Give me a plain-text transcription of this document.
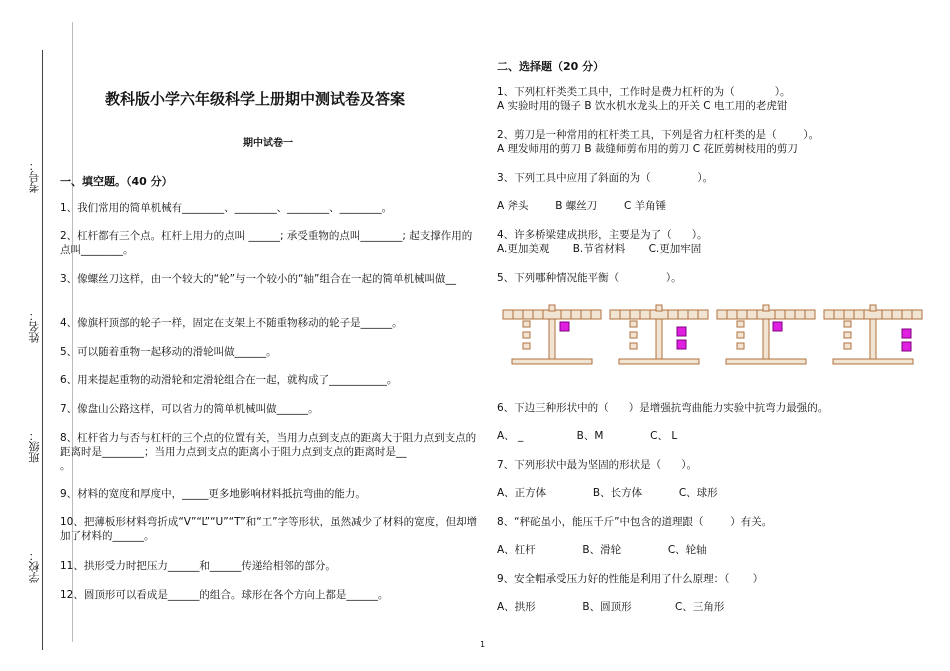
考号：
姓名：
班级：
学校：
教科版小学六年级科学上册期中测试卷及答案
期中试卷一
一、填空题。（40 分）
1、我们常用的简单机械有________、________、________、________。
2、杠杆都有三个点。杠杆上用力的点叫 ______; 承受重物的点叫________; 起支撑作用的点叫________。
3、像螺丝刀这样，由一个较大的“轮”与一个较小的“轴”组合在一起的简单机械叫做__
4、像旗杆顶部的轮子一样，固定在支架上不随重物移动的轮子是______。
5、可以随着重物一起移动的滑轮叫做______。
6、用来提起重物的动滑轮和定滑轮组合在一起，就构成了___________。
7、像盘山公路这样，可以省力的简单机械叫做______。
8、杠杆省力与否与杠杆的三个点的位置有关，当用力点到支点的距离大于阻力点到支点的距离时是________；当用力点到支点的距离小于阻力点到支点的距离时是__
。
9、材料的宽度和厚度中，_____更多地影响材料抵抗弯曲的能力。
10、把薄板形材料弯折成“V”“L”“U”“T”和“工”字等形状，虽然减少了材料的宽度，但却增加了材料的______。
11、拱形受力时把压力______和______传递给相邻的部分。
12、圆顶形可以看成是______的组合。球形在各个方向上都是______。
二、选择题（20 分）
1、下列杠杆类类工具中，工作时是费力杠杆的为（            ）。
A 实验时用的镊子 B 饮水机水龙头上的开关 C 电工用的老虎钳
2、剪刀是一种常用的杠杆类工具，下列是省力杠杆类的是（        ）。
A 理发师用的剪刀 B 裁缝师剪布用的剪刀 C 花匠剪树枝用的剪刀
3、下列工具中应用了斜面的为（              ）。
A 斧头        B 螺丝刀        C 羊角锤
4、许多桥梁建成拱形，主要是为了（      ）。
A.更加美观       B.节省材料       C.更加牢固
5、下列哪种情况能平衡（              ）。
6、下边三种形状中的（      ）是增强抗弯曲能力实验中抗弯力最强的。
A、 _                B、M              C、 L
7、下列形状中最为坚固的形状是（      ）。
A、正方体              B、长方体           C、球形
8、“秤砣虽小，能压千斤”中包含的道理跟（        ）有关。
A、杠杆              B、滑轮              C、轮轴
9、安全帽承受压力好的性能是利用了什么原理：（       ）
A、拱形              B、圆顶形             C、三角形
1
